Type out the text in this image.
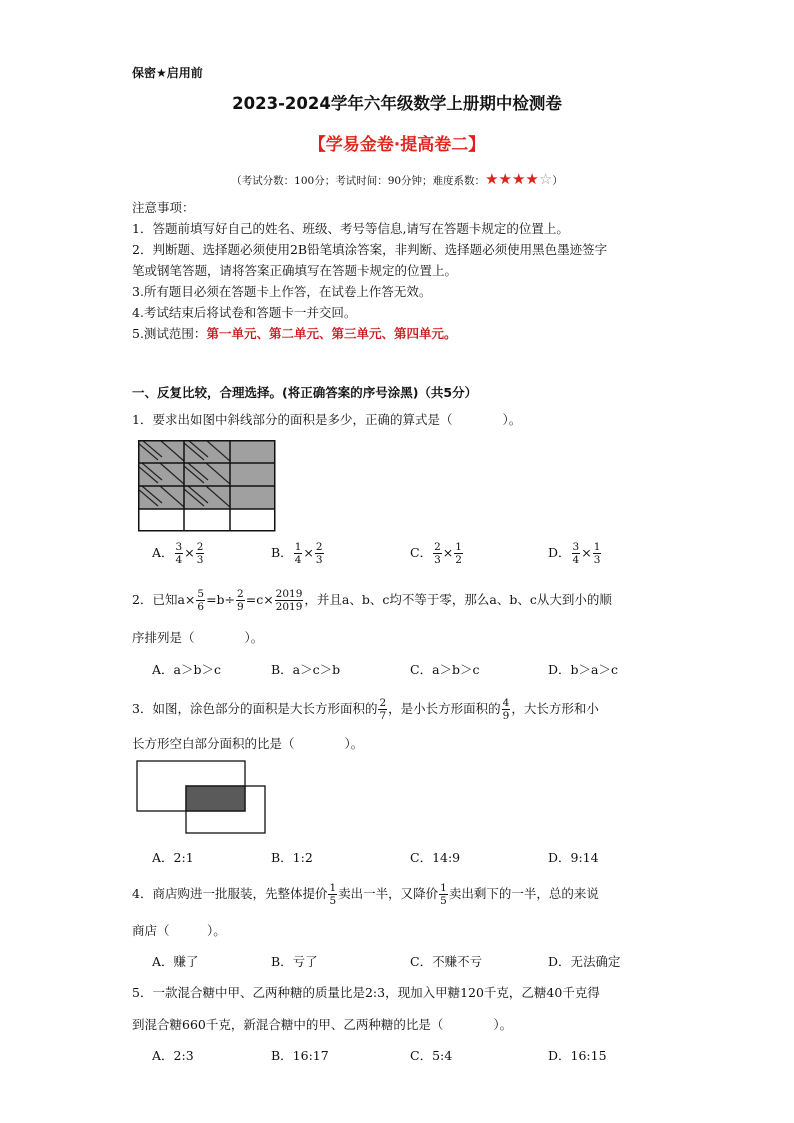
保密★启用前
2023-2024学年六年级数学上册期中检测卷
【学易金卷·提高卷二】
（考试分数：100分；考试时间：90分钟；难度系数：★★★★☆）
注意事项：
1．答题前填写好自己的姓名、班级、考号等信息,请写在答题卡规定的位置上。
2．判断题、选择题必须使用2B铅笔填涂答案，非判断、选择题必须使用黑色墨迹签字
笔或钢笔答题，请将答案正确填写在答题卡规定的位置上。
3.所有题目必须在答题卡上作答，在试卷上作答无效。
4.考试结束后将试卷和答题卡一并交回。
5.测试范围：第一单元、第二单元、第三单元、第四单元。
一、反复比较，合理选择。(将正确答案的序号涂黑)（共5分）
1．要求出如图中斜线部分的面积是多少，正确的算式是（　　　　）。
A． $\frac{3}{4} \times \frac{2}{3}$	B． $\frac{1}{4} \times \frac{2}{3}$	C． $\frac{2}{3} \times \frac{1}{2}$	D． $\frac{3}{4} \times \frac{1}{3}$
2．已知$a\times \frac{5}{6} =b\div \frac{2}{9} =c\times \frac{2019}{2019}$ ，并且a、b、c均不等于零，那么a、b、c从大到小的顺
序排列是（　　　　）。
A．a＞b＞c	B．a＞c＞b	C．a＞b＞c	D．b＞a＞c
3．如图，涂色部分的面积是大长方形面积的 $\frac{2}{7}$ ，是小长方形面积的 $\frac{4}{9}$ ，大长方形和小
长方形空白部分面积的比是（　　　　）。
A．2:1	B．1:2	C．14:9	D．9:14
4．商店购进一批服装，先整体提价 $\frac{1}{5}$ 卖出一半，又降价 $\frac{1}{5}$ 卖出剩下的一半，总的来说
商店（　　　）。
A．赚了	B．亏了	C．不赚不亏	D．无法确定
5．一款混合糖中甲、乙两种糖的质量比是2:3，现加入甲糖120千克，乙糖40千克得
到混合糖660千克，新混合糖中的甲、乙两种糖的比是（　　　　）。
A．2:3	B．16:17	C．5:4	D．16:15
